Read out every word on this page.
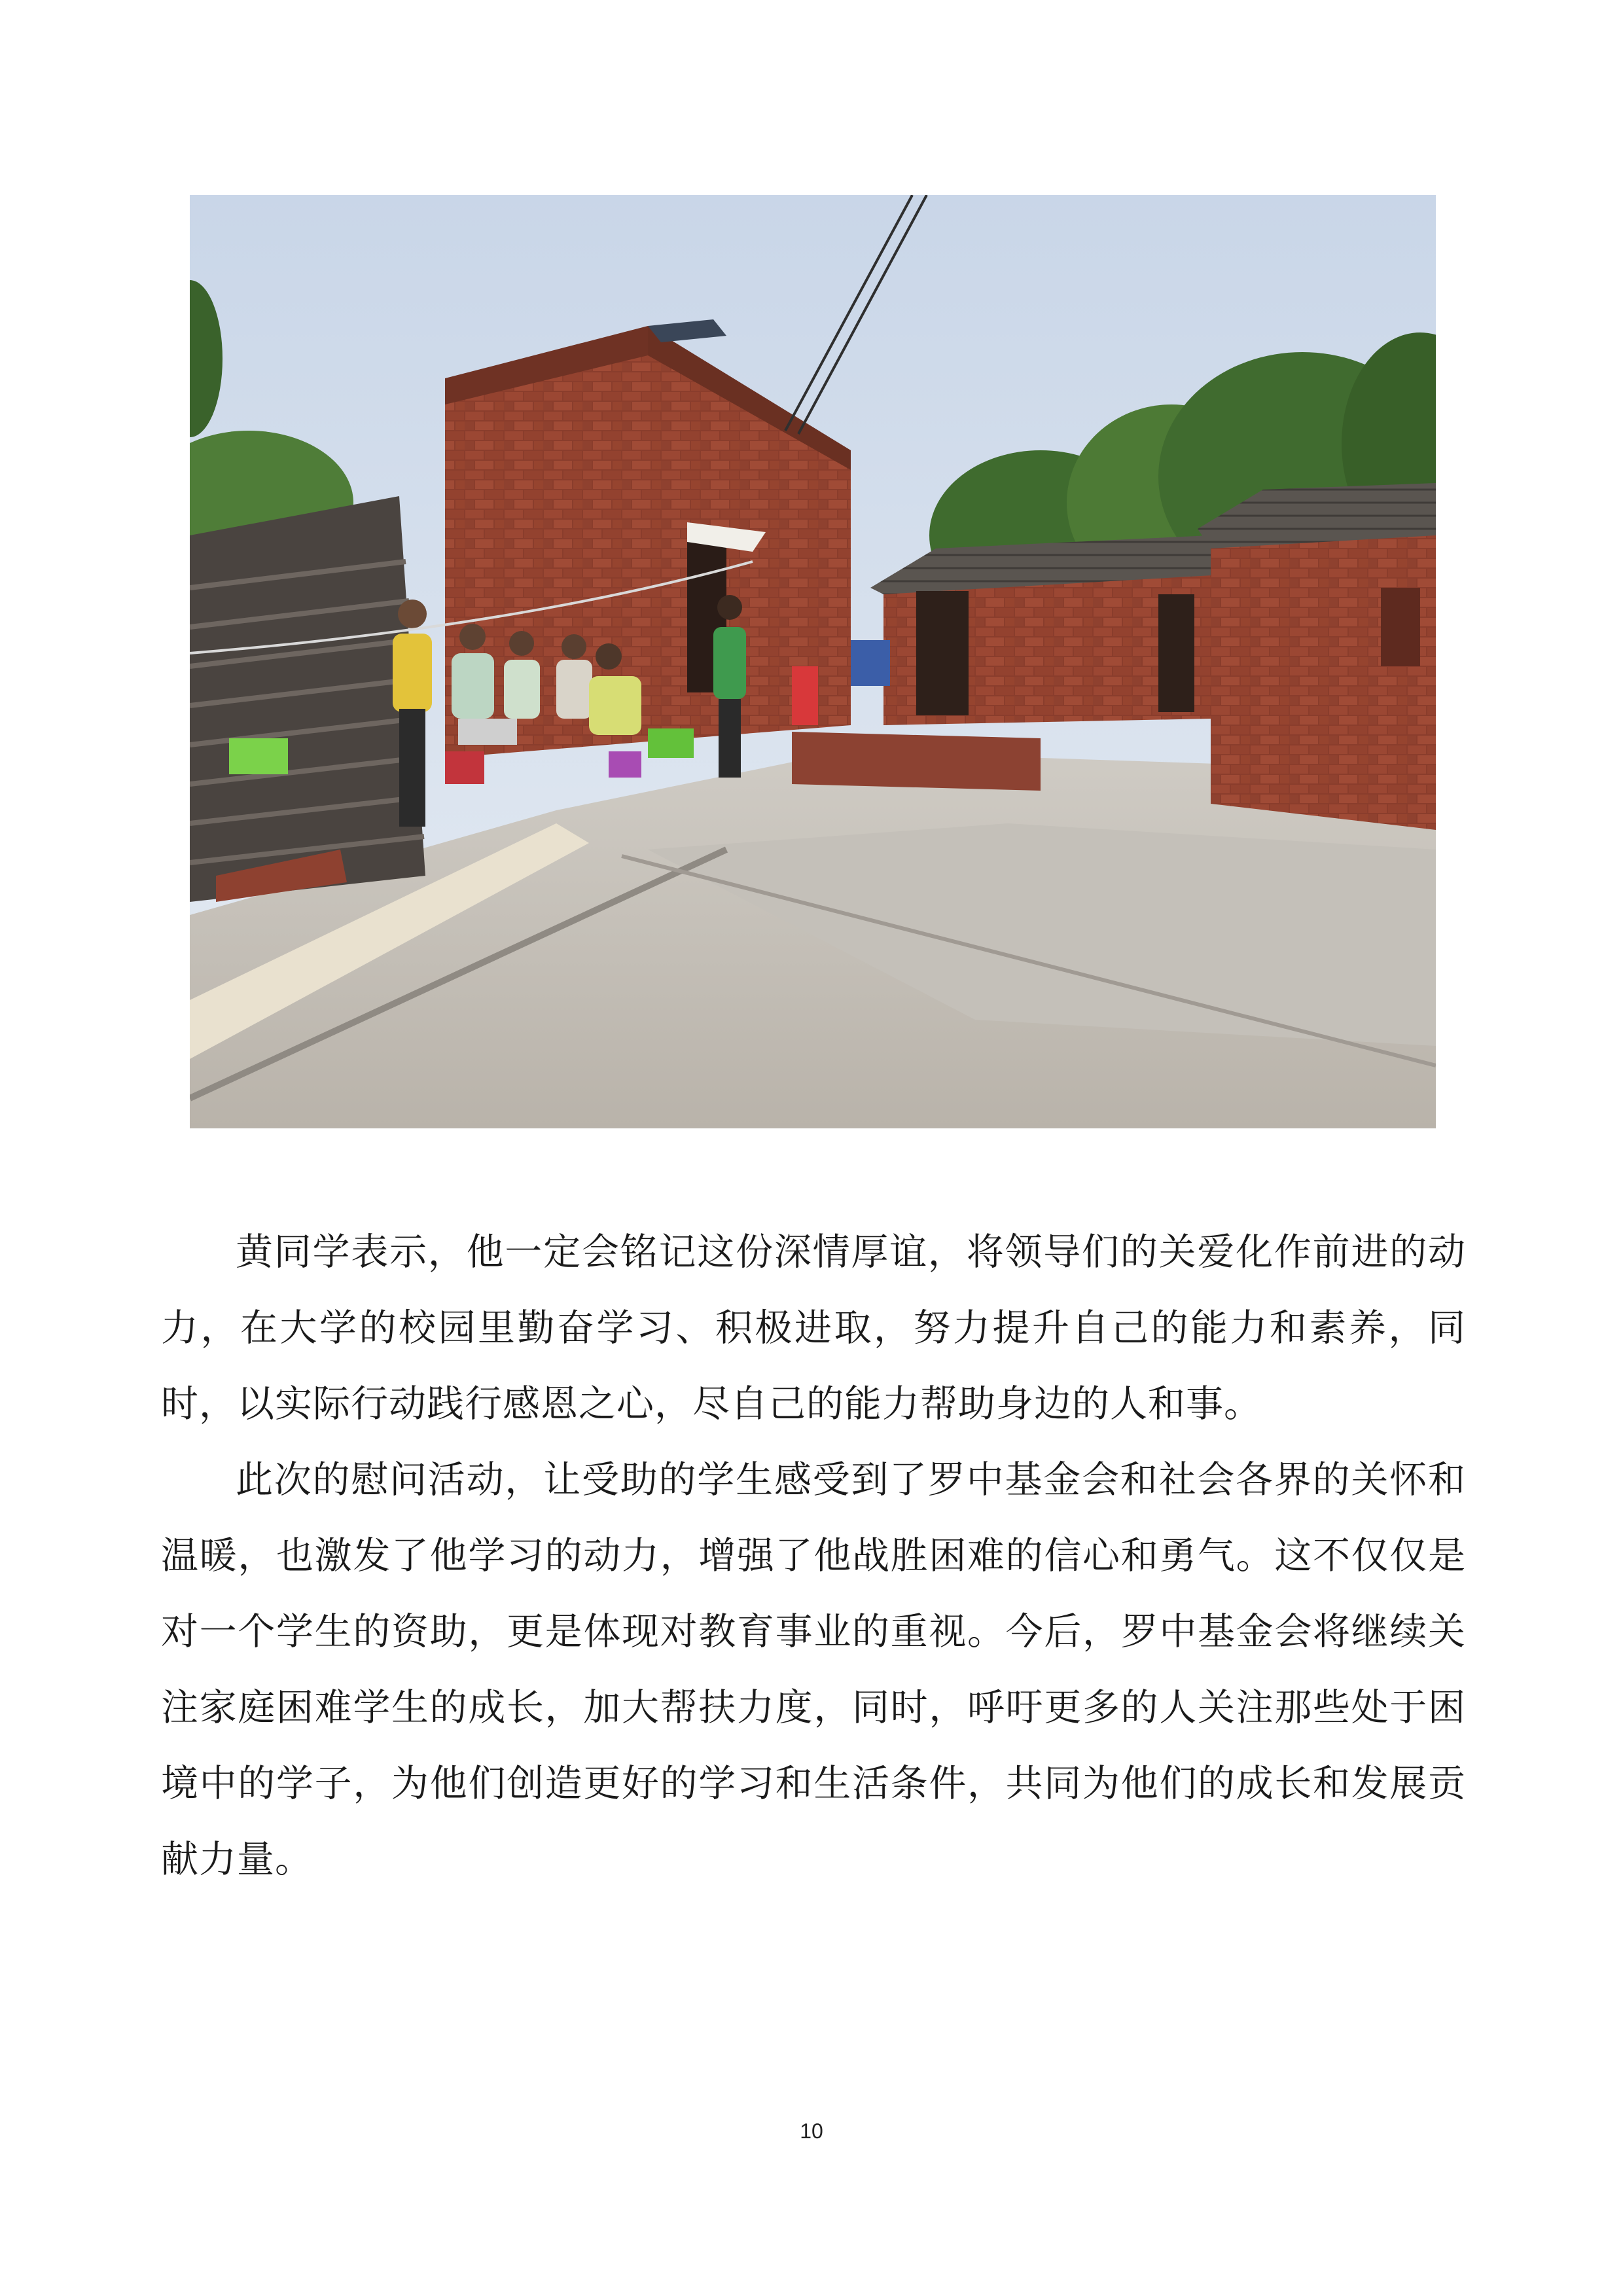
黄同学表示，他一定会铭记这份深情厚谊，将领导们的关爱化作前进的动力，在大学的校园里勤奋学习、积极进取，努力提升自己的能力和素养，同时，以实际行动践行感恩之心，尽自己的能力帮助身边的人和事。

此次的慰问活动，让受助的学生感受到了罗中基金会和社会各界的关怀和温暖，也激发了他学习的动力，增强了他战胜困难的信心和勇气。这不仅仅是对一个学生的资助，更是体现对教育事业的重视。今后，罗中基金会将继续关注家庭困难学生的成长，加大帮扶力度，同时，呼吁更多的人关注那些处于困境中的学子，为他们创造更好的学习和生活条件，共同为他们的成长和发展贡献力量。

10
